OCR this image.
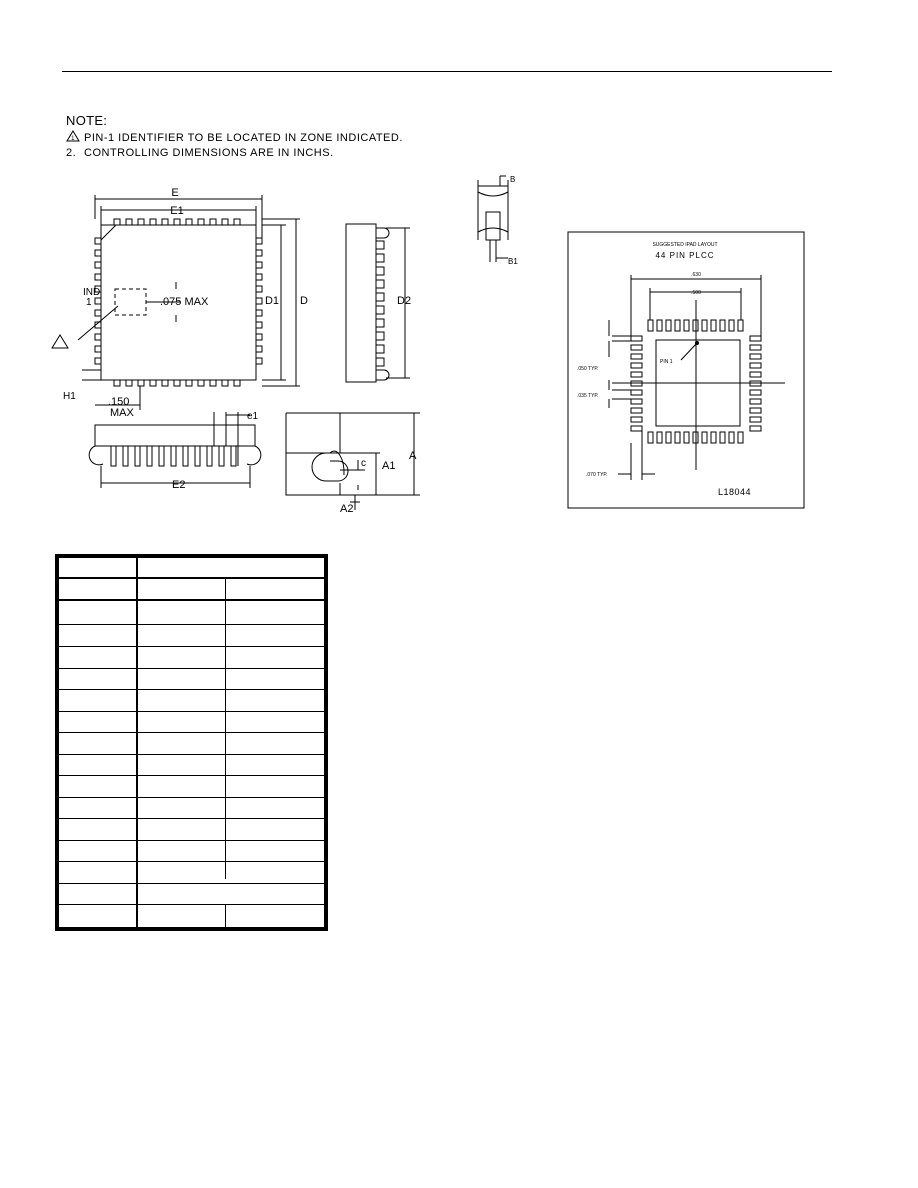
NOTE:
1 PIN-1 IDENTIFIER TO BE LOCATED IN ZONE INDICATED.
2. CONTROLLING DIMENSIONS ARE IN INCHS.
E
E1
D1 D	D2
IND
1	.075 MAX
.150
MAX
H1
e1
E2
A
A1
A2
c
B
B1
SUGGESTED IPAD LAYOUT
44 PIN PLCC
.630
.500
.050 TYP.
.035 TYP.
.070 TYP.
PIN 1
L18044
